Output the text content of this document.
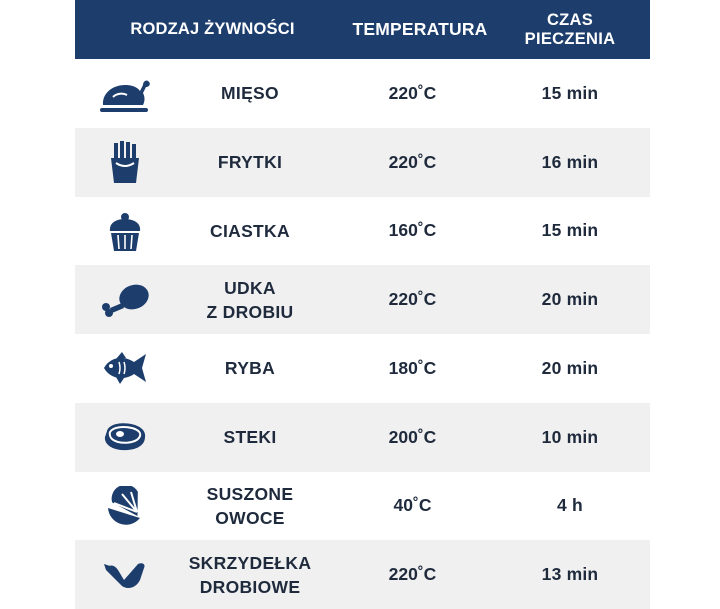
RODZAJ ŻYWNOŚCI	TEMPERATURA	CZAS
PIECZENIA
MIĘSO	220˚C	15 min
FRYTKI	220˚C	16 min
CIASTKA	160˚C	15 min
UDKA
Z DROBIU
220˚C	20 min
RYBA	180˚C	20 min
STEKI	200˚C	10 min
SUSZONE
OWOCE
40˚C	4 h
SKRZYDEŁKA
DROBIOWE
220˚C	13 min
